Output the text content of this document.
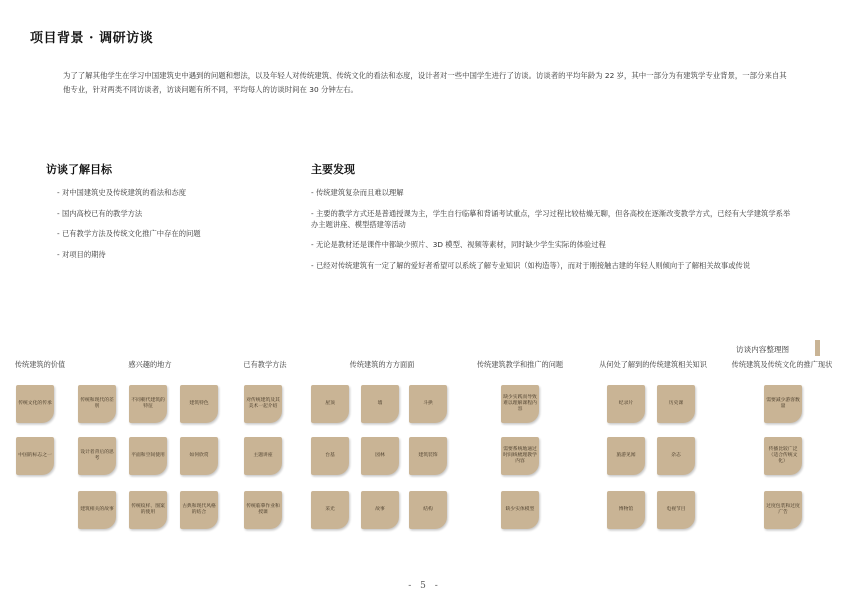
项目背景 · 调研访谈
为了了解其他学生在学习中国建筑史中遇到的问题和想法，以及年轻人对传统建筑、传统文化的看法和态度，设计者对一些中国学生进行了访谈。访谈者的平均年龄为 22 岁，其中一部分为有建筑学专业背景，一部分来自其他专业，针对两类不同访谈者，访谈问题有所不同，平均每人的访谈时间在 30 分钟左右。
访谈了解目标
- 对中国建筑史及传统建筑的看法和态度
- 国内高校已有的教学方法
- 已有教学方法及传统文化推广中存在的问题
- 对项目的期待
主要发现
- 传统建筑复杂而且难以理解
- 主要的教学方式还是普通授课为主，学生自行临摹和背诵考试重点，学习过程比较枯燥无聊，但各高校在逐渐改变教学方式，已经有大学建筑学系举办主题讲座、模型搭建等活动
- 无论是教材还是课件中都缺少照片、3D 模型、视频等素材，同时缺少学生实际的体验过程
- 已经对传统建筑有一定了解的爱好者希望可以系统了解专业知识（如构造等），而对于刚接触古建的年轻人则倾向于了解相关故事或传说
访谈内容整理图
传统建筑的价值	感兴趣的地方	已有教学方法	传统建筑的方方面面	传统建筑教学和推广的问题	从何处了解到的传统建筑相关知识	传统建筑及传统文化的推广现状
传统文化的传承
中国的标志之一
传统和现代的差别
不同朝代建筑的特征
建筑特色
设计者背后的思考
平面和空间使用	如何欣赏
建筑相关的故事
传统纹样、图案的使用
古典和现代风格的结合
对传统建筑及其美术一起介绍
主题讲座
传统临摹作业和授课
屋顶	墙	斗拱
台基	园林	建筑装饰
采光	故事	结构
缺少实践而导致难以理解课程内容
需要系统地通过时间线梳理教学内容
缺少实体模型
纪录片	历史课
旅游见闻	杂志
博物馆	电视节目
需要减少游客数量
传播比较广泛（适合传统文化）
过度包装和过度广告
- 5 -
